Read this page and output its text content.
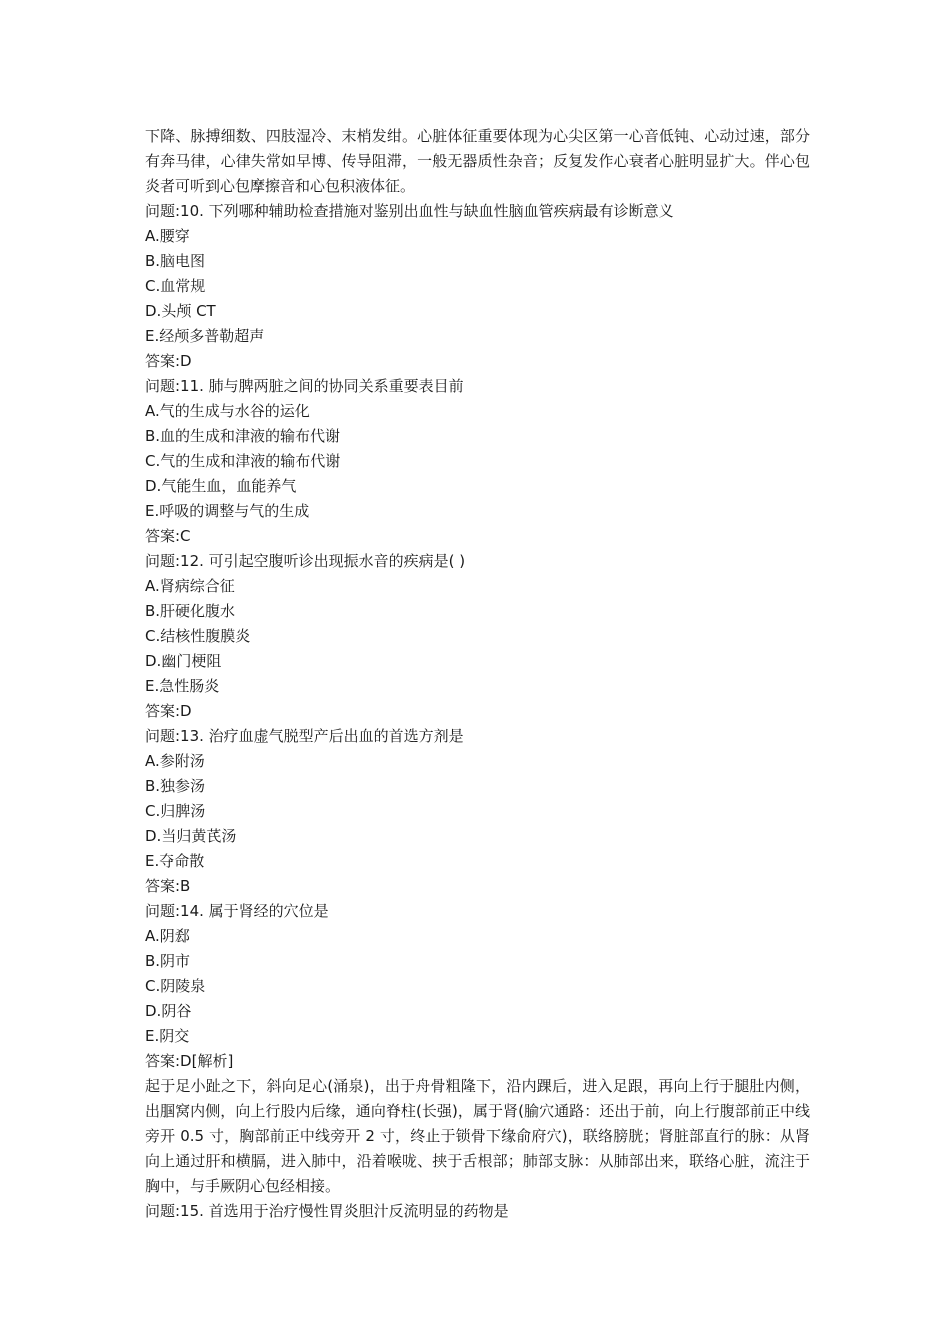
下降、脉搏细数、四肢湿冷、末梢发绀。心脏体征重要体现为心尖区第一心音低钝、心动过速，部分有奔马律，心律失常如早博、传导阻滞，一般无器质性杂音；反复发作心衰者心脏明显扩大。伴心包炎者可听到心包摩擦音和心包积液体征。

问题:10. 下列哪种辅助检查措施对鉴别出血性与缺血性脑血管疾病最有诊断意义

A.腰穿

B.脑电图

C.血常规

D.头颅 CT

E.经颅多普勒超声

答案:D

问题:11. 肺与脾两脏之间的协同关系重要表目前

A.气的生成与水谷的运化

B.血的生成和津液的输布代谢

C.气的生成和津液的输布代谢

D.气能生血，血能养气

E.呼吸的调整与气的生成

答案:C

问题:12. 可引起空腹听诊出现振水音的疾病是( )

A.肾病综合征

B.肝硬化腹水

C.结核性腹膜炎

D.幽门梗阻

E.急性肠炎

答案:D

问题:13. 治疗血虚气脱型产后出血的首选方剂是

A.参附汤

B.独参汤

C.归脾汤

D.当归黄芪汤

E.夺命散

答案:B

问题:14. 属于肾经的穴位是

A.阴郄

B.阴市

C.阴陵泉

D.阴谷

E.阴交

答案:D[解析]

起于足小趾之下，斜向足心(涌泉)，出于舟骨粗隆下，沿内踝后，进入足跟，再向上行于腿肚内侧，出腘窝内侧，向上行股内后缘，通向脊柱(长强)，属于肾(腧穴通路：还出于前，向上行腹部前正中线旁开 0.5 寸，胸部前正中线旁开 2 寸，终止于锁骨下缘俞府穴)，联络膀胱；肾脏部直行的脉：从肾向上通过肝和横膈，进入肺中，沿着喉咙、挟于舌根部；肺部支脉：从肺部出来，联络心脏，流注于胸中，与手厥阴心包经相接。

问题:15. 首选用于治疗慢性胃炎胆汁反流明显的药物是
